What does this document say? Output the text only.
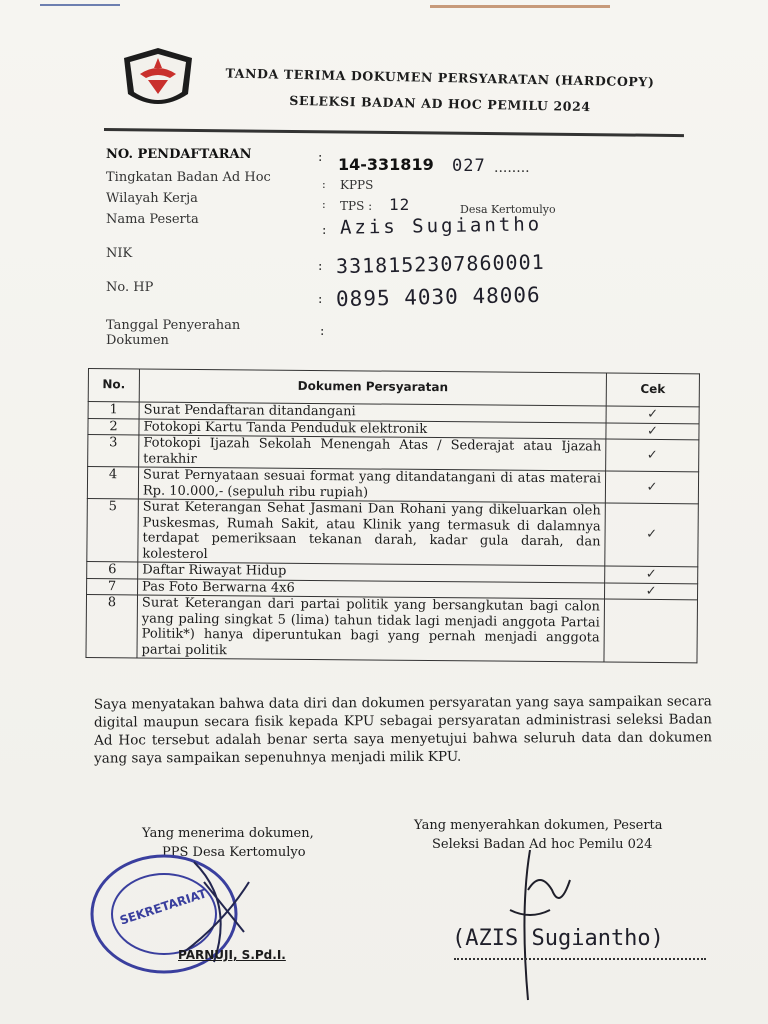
TANDA TERIMA DOKUMEN PERSYARATAN (HARDCOPY)
SELEKSI BADAN AD HOC PEMILU 2024
NO. PENDAFTARAN	: 14-331819 027 ........
Tingkatan Badan Ad Hoc	: KPPS
Wilayah Kerja	: TPS : 12	Desa Kertomulyo
Nama Peserta
: Azis Sugiantho
NIK
: 3318152307860001
No. HP
: 0895 4030 48006
Tanggal Penyerahan
Dokumen
:
No.	Dokumen Persyaratan	Cek
1	Surat Pendaftaran ditandangani	✓
2	Fotokopi Kartu Tanda Penduduk elektronik	✓
3	Fotokopi Ijazah Sekolah Menengah Atas / Sederajat atau Ijazah terakhir	✓
4	Surat Pernyataan sesuai format yang ditandatangani di atas materai Rp. 10.000,- (sepuluh ribu rupiah)	✓
5	Surat Keterangan Sehat Jasmani Dan Rohani yang dikeluarkan oleh Puskesmas, Rumah Sakit, atau Klinik yang termasuk di dalamnya terdapat pemeriksaan tekanan darah, kadar gula darah, dan kolesterol	✓
6	Daftar Riwayat Hidup	✓
7	Pas Foto Berwarna 4x6	✓
8	Surat Keterangan dari partai politik yang bersangkutan bagi calon yang paling singkat 5 (lima) tahun tidak lagi menjadi anggota Partai Politik*) hanya diperuntukan bagi yang pernah menjadi anggota partai politik	
Saya menyatakan bahwa data diri dan dokumen persyaratan yang saya sampaikan secara digital maupun secara fisik kepada KPU sebagai persyaratan administrasi seleksi Badan Ad Hoc tersebut adalah benar serta saya menyetujui bahwa seluruh data dan dokumen yang saya sampaikan sepenuhnya menjadi milik KPU.
Yang menerima dokumen,
PPS Desa Kertomulyo
Yang menyerahkan dokumen, Peserta
Seleksi Badan Ad hoc Pemilu 024
SEKRETARIAT
PARNUJI, S.Pd.I.
(AZIS Sugiantho)
